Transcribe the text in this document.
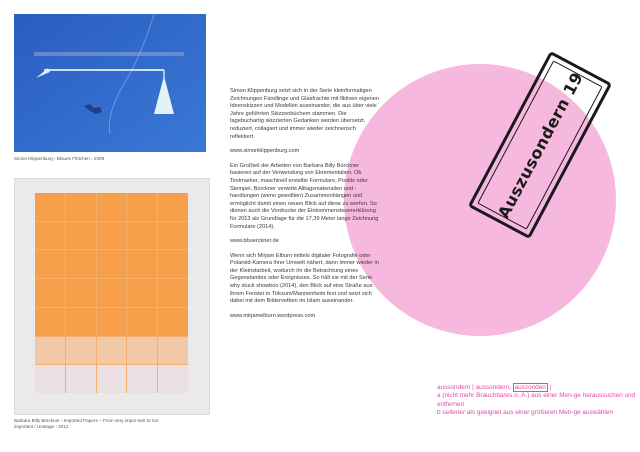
Simon Klippenburg › Blaues Flötchen › 2009
Barbara Billy Bürckner › Imported Papers – From very impor-tant to not important / Unstage › 2012

Simon Klippenburg setzt sich in der Serie kleinformatigen Zeichnungen Fündlinge und Glasfrachte mit fiktiven eigenen Ideenskizzen und Modellen auseinander, die aus über viele Jahre geführten Skizzenbüchern stammen. Die tagebuchartig skizzierten Gedanken werden übersetzt, reduziert, collagiert und immer wieder zeichnerisch reflektiert.

www.simonklippenburg.com

Ein Großteil der Arbeiten von Barbara Billy Bürckner basieren auf der Verwendung von Ekrementalien. Ob Textmarker, maschinell erstellte Formulare, Postits oder Stempel, Bürckner verwirkt Alltagsmaterialien und -handlungen (wenn gewollten) Zusammenhängen und ermöglicht damit einen neuen Blick auf diese zu werfen. So dienen auch die Vordrucke der Einkommensteuererklärung für 2013 als Grundlage für die 17,39 Meter lange Zeichnung Formulare (2014).

www.bbuerckner.de

Wenn sich Mirjam Elburn mittels digitaler Fotografie oder Polaroid-Kamera ihrer Umwelt nähert, dann immer wieder in der Kleinstarbeit, wodurch ihr die Betrachtung eines Gegenstandes oder Ereignisses. So hält sie mit der Serie why stuck showboo (2014), den Blick auf eine Straße aus ihrem Fenster in Tirksum/Mannenheim fest und setzt sich dabei mit dem Bildervetben im Islam auseinander.

www.mirjamelburn.wordpress.com

Auszusondern 19
aussondern | aussondern, auszonden |
a (nicht mehr Brauchbares o. Ä.) aus einer Men-ge heraussuchen und entfernen
b seltener als geeignet aus einer größeren Men-ge auswählen
